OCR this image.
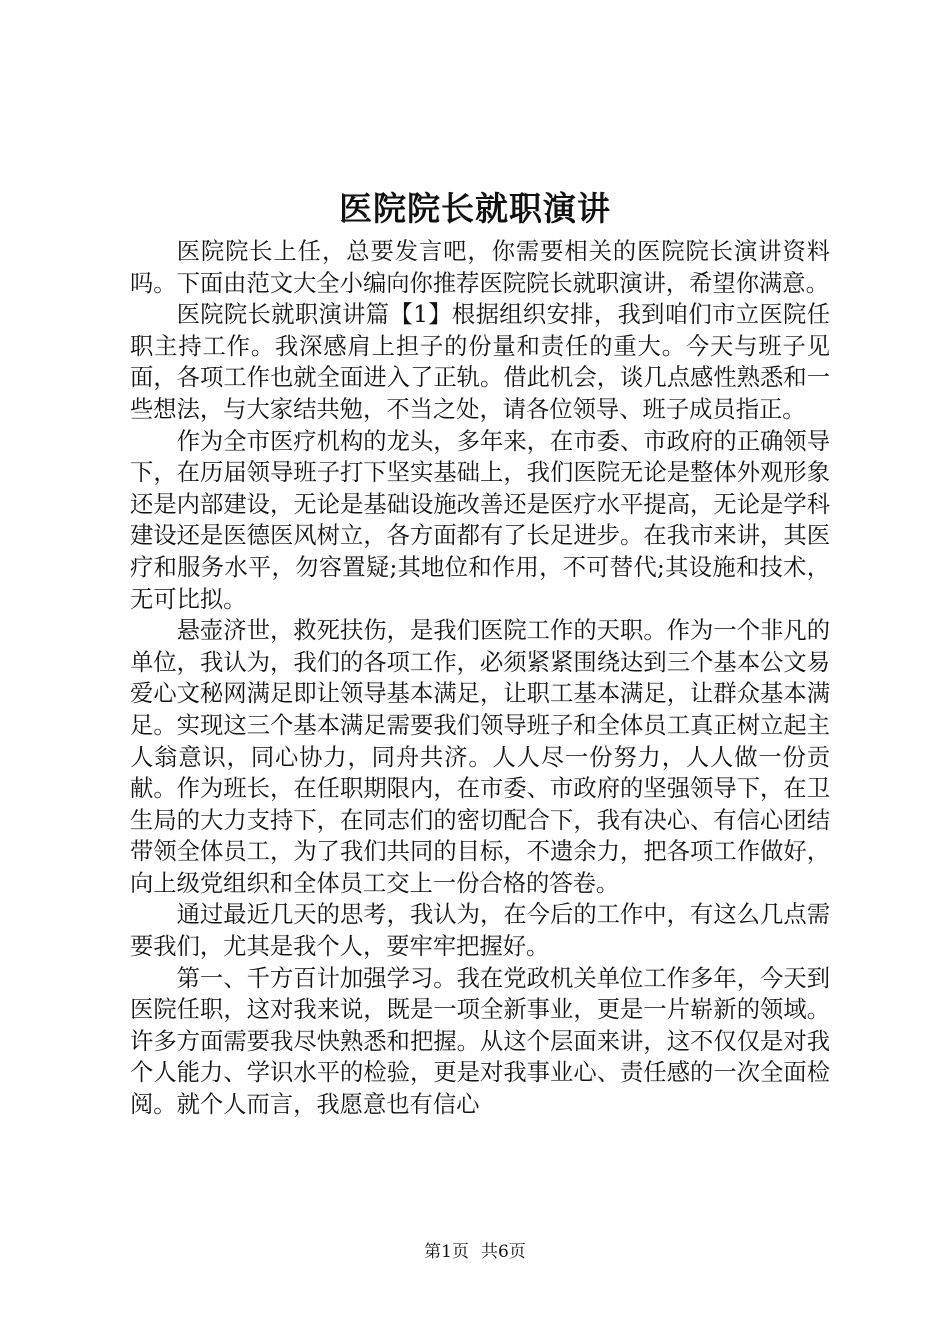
医院院长就职演讲

医院院长上任，总要发言吧，你需要相关的医院院长演讲资料吗。下面由范文大全小编向你推荐医院院长就职演讲，希望你满意。

医院院长就职演讲篇【1】根据组织安排，我到咱们市立医院任职主持工作。我深感肩上担子的份量和责任的重大。今天与班子见面，各项工作也就全面进入了正轨。借此机会，谈几点感性熟悉和一些想法，与大家结共勉，不当之处，请各位领导、班子成员指正。

作为全市医疗机构的龙头，多年来，在市委、市政府的正确领导下，在历届领导班子打下坚实基础上，我们医院无论是整体外观形象还是内部建设，无论是基础设施改善还是医疗水平提高，无论是学科建设还是医德医风树立，各方面都有了长足进步。在我市来讲，其医疗和服务水平，勿容置疑;其地位和作用，不可替代;其设施和技术，无可比拟。

悬壶济世，救死扶伤，是我们医院工作的天职。作为一个非凡的单位，我认为，我们的各项工作，必须紧紧围绕达到三个基本公文易爱心文秘网满足即让领导基本满足，让职工基本满足，让群众基本满足。实现这三个基本满足需要我们领导班子和全体员工真正树立起主人翁意识，同心协力，同舟共济。人人尽一份努力，人人做一份贡献。作为班长，在任职期限内，在市委、市政府的坚强领导下，在卫生局的大力支持下，在同志们的密切配合下，我有决心、有信心团结带领全体员工，为了我们共同的目标，不遗余力，把各项工作做好，向上级党组织和全体员工交上一份合格的答卷。

通过最近几天的思考，我认为，在今后的工作中，有这么几点需要我们，尤其是我个人，要牢牢把握好。

第一、千方百计加强学习。我在党政机关单位工作多年，今天到医院任职，这对我来说，既是一项全新事业，更是一片崭新的领域。许多方面需要我尽快熟悉和把握。从这个层面来讲，这不仅仅是对我个人能力、学识水平的检验，更是对我事业心、责任感的一次全面检阅。就个人而言，我愿意也有信心

第1页 共6页
